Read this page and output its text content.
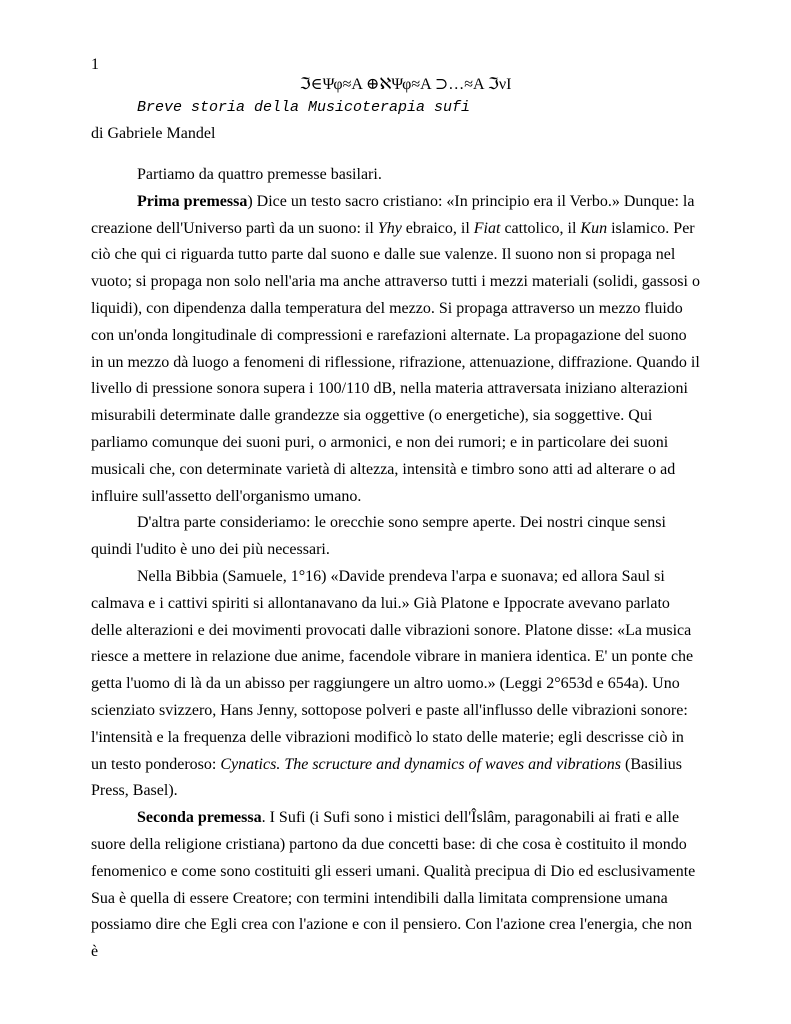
1
ℑ∈Ψφ≈Α ⊕ℵΨφ≈Α ⊃…≈Α ℑνΙ
Breve storia della Musicoterapia sufi
di Gabriele Mandel

Partiamo da quattro premesse basilari.

Prima premessa) Dice un testo sacro cristiano: «In principio era il Verbo.» Dunque: la creazione dell'Universo partì da un suono: il Yhy ebraico, il Fiat cattolico, il Kun islamico. Per ciò che qui ci riguarda tutto parte dal suono e dalle sue valenze. Il suono non si propaga nel vuoto; si propaga non solo nell'aria ma anche attraverso tutti i mezzi materiali (solidi, gassosi o liquidi), con dipendenza dalla temperatura del mezzo. Si propaga attraverso un mezzo fluido con un'onda longitudinale di compressioni e rarefazioni alternate. La propagazione del suono in un mezzo dà luogo a fenomeni di riflessione, rifrazione, attenuazione, diffrazione. Quando il livello di pressione sonora supera i 100/110 dB, nella materia attraversata iniziano alterazioni misurabili determinate dalle grandezze sia oggettive (o energetiche), sia soggettive. Qui parliamo comunque dei suoni puri, o armonici, e non dei rumori; e in particolare dei suoni musicali che, con determinate varietà di altezza, intensità e timbro sono atti ad alterare o ad influire sull'assetto dell'organismo umano.

D'altra parte consideriamo: le orecchie sono sempre aperte. Dei nostri cinque sensi quindi l'udito è uno dei più necessari.

Nella Bibbia (Samuele, 1°16) «Davide prendeva l'arpa e suonava; ed allora Saul si calmava e i cattivi spiriti si allontanavano da lui.» Già Platone e Ippocrate avevano parlato delle alterazioni e dei movimenti provocati dalle vibrazioni sonore. Platone disse: «La musica riesce a mettere in relazione due anime, facendole vibrare in maniera identica. E' un ponte che getta l'uomo di là da un abisso per raggiungere un altro uomo.» (Leggi 2°653d e 654a). Uno scienziato svizzero, Hans Jenny, sottopose polveri e paste all'influsso delle vibrazioni sonore: l'intensità e la frequenza delle vibrazioni modificò lo stato delle materie; egli descrisse ciò in un testo ponderoso: Cynatics. The scructure and dynamics of waves and vibrations (Basilius Press, Basel).

Seconda premessa. I Sufi (i Sufi sono i mistici dell'Îslâm, paragonabili ai frati e alle suore della religione cristiana) partono da due concetti base: di che cosa è costituito il mondo fenomenico e come sono costituiti gli esseri umani. Qualità precipua di Dio ed esclusivamente Sua è quella di essere Creatore; con termini intendibili dalla limitata comprensione umana possiamo dire che Egli crea con l'azione e con il pensiero. Con l'azione crea l'energia, che non è
